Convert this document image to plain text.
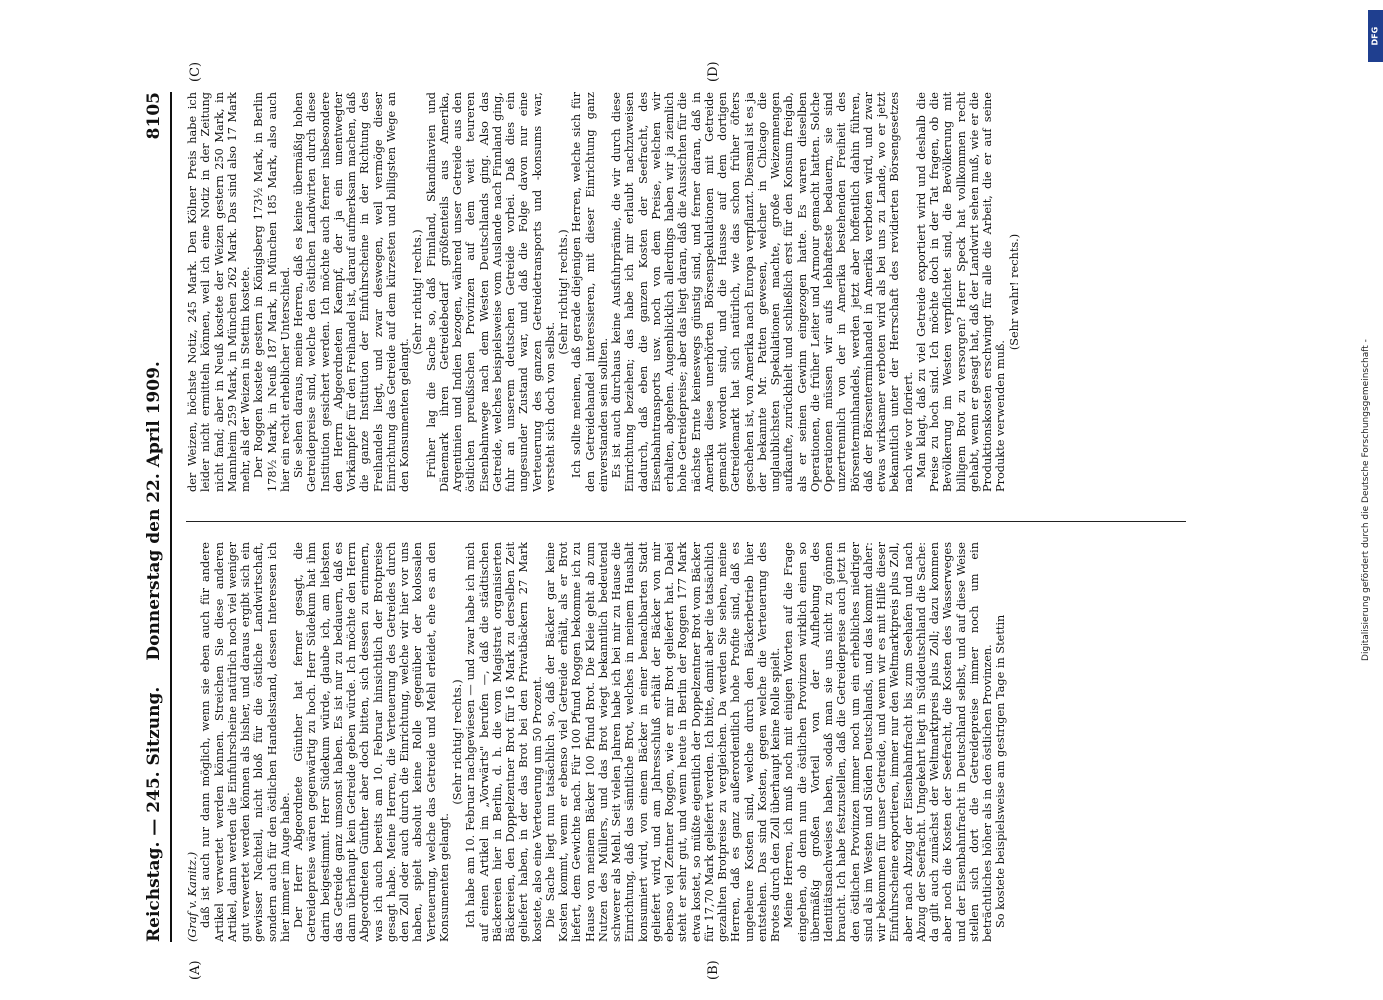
Reichstag. — 245. Sitzung.
Donnerstag den 22. April 1909.  8105
(A)	(B)
(C)	(D)

(Graf v. Kanitz.) daß ist auch nur dann möglich, wenn sie eben auch für andere Artikel verwertet werden können. Streichen Sie diese anderen Artikel, dann werden die Einfuhrscheine natürlich noch viel weniger gut verwertet werden können als bisher, und daraus ergibt sich ein gewisser Nachteil, nicht bloß für die östliche Landwirtschaft, sondern auch für den östlichen Handelsstand, dessen Interessen ich hier immer im Auge habe. Der Herr Abgeordnete Günther hat ferner gesagt, die Getreidepreise wären gegenwärtig zu hoch. Herr Südekum hat ihm darin beigestimmt. Herr Südekum würde, glaube ich, am liebsten das Getreide ganz umsonst haben. Es ist nur zu bedauern, daß es dann überhaupt kein Getreide geben würde. Ich möchte den Herrn Abgeordneten Günther aber doch bitten, sich dessen zu erinnern, was ich auch bereits am 10. Februar hinsichtlich der Brotpreise gesagt habe. Meine Herren, die Verteuerung des Getreides durch den Zoll oder auch durch die Einrichtung, welche wir hier vor uns haben, spielt absolut keine Rolle gegenüber der kolossalen Verteuerung, welche das Getreide und Mehl erleidet, ehe es an den Konsumenten gelangt.

(Sehr richtig! rechts.) Ich habe am 10. Februar nachgewiesen — und zwar habe ich mich auf einen Artikel im „Vorwärts" berufen —, daß die städtischen Bäckereien hier in Berlin, d. h. die vom Magistrat organisierten Bäckereien, den Doppelzentner Brot für 16 Mark zu derselben Zeit geliefert haben, in der das Brot bei den Privatbäckern 27 Mark kostete, also eine Verteuerung um 50 Prozent. Die Sache liegt nun tatsächlich so, daß der Bäcker gar keine Kosten kommt, wenn er ebenso viel Getreide erhält, als er Brot liefert, dem Gewichte nach. Für 100 Pfund Roggen bekomme ich zu Hause von meinem Bäcker 100 Pfund Brot. Die Kleie geht ab zum Nutzen des Müllers, und das Brot wiegt bekanntlich bedeutend schwerer als Mehl. Seit vielen Jahren habe ich bei mir zu Hause die Einrichtung, daß das sämtliche Brot, welches in meinem Haushalt konsumiert wird, von einem Bäcker in einer benachbarten Stadt geliefert wird, und am Jahresschluß erhält der Bäcker von mir ebenso viel Zentner Roggen, wie er mir Brot geliefert hat. Dabei steht er sehr gut, und wenn heute in Berlin der Roggen 177 Mark etwa kostet, so müßte eigentlich der Doppelzentner Brot vom Bäcker für 17,70 Mark geliefert werden. Ich bitte, damit aber die tatsächlich gezahlten Brotpreise zu vergleichen. Da werden Sie sehen, meine Herren, daß es ganz außerordentlich hohe Profite sind, daß es ungeheure Kosten sind, welche durch den Bäckerbetrieb hier entstehen. Das sind Kosten, gegen welche die Verteuerung des Brotes durch den Zoll überhaupt keine Rolle spielt. Meine Herren, ich muß noch mit einigen Worten auf die Frage eingehen, ob denn nun die östlichen Provinzen wirklich einen so übermäßig großen Vorteil von der Aufhebung des Identitätsnachweises haben, sodaß man sie uns nicht zu gönnen braucht. Ich habe festzustellen, daß die Getreidepreise auch jetzt in den östlichen Provinzen immer noch um ein erhebliches niedriger sind als im Westen und Süden Deutschlands, und das kommt daher: wir bekommen für unser Getreide, und wenn wir es mit Hilfe dieser Einfuhrscheine exportieren, immer nur den Weltmarktpreis plus Zoll, aber nach Abzug der Eisenbahnfracht bis zum Seehafen und nach Abzug der Seefracht. Umgekehrt liegt in Süddeutschland die Sache: da gilt auch zunächst der Weltmarktpreis plus Zoll; dazu kommen aber noch die Kosten der Seefracht, die Kosten des Wasserweges und der Eisenbahnfracht in Deutschland selbst, und auf diese Weise stellen sich dort die Getreidepreise immer noch um ein beträchtliches höher als in den östlichen Provinzen. So kostete beispielsweise am gestrigen Tage in Stettin

der Weizen, höchste Notiz, 245 Mark. Den Kölner Preis habe ich leider nicht ermitteln können, weil ich eine Notiz in der Zeitung nicht fand; aber in Neuß kostete der Weizen gestern 250 Mark, in Mannheim 259 Mark, in München 262 Mark. Das sind also 17 Mark mehr, als der Weizen in Stettin kostete. Der Roggen kostete gestern in Königsberg 173½ Mark, in Berlin 178½ Mark, in Neuß 187 Mark, in München 185 Mark, also auch hier ein recht erheblicher Unterschied. Sie sehen daraus, meine Herren, daß es keine übermäßig hohen Getreidepreise sind, welche den östlichen Landwirten durch diese Institution gesichert werden. Ich möchte auch ferner insbesondere den Herrn Abgeordneten Kaempf, der ja ein unentwegter Vorkämpfer für den Freihandel ist, darauf aufmerksam machen, daß die ganze Institution der Einfuhrscheine in der Richtung des Freihandels liegt, und zwar deswegen, weil vermöge dieser Einrichtung das Getreide auf dem kürzesten und billigsten Wege an den Konsumenten gelangt.

(Sehr richtig! rechts.) Früher lag die Sache so, daß Finnland, Skandinavien und Dänemark ihren Getreidebedarf größtenteils aus Amerika, Argentinien und Indien bezogen, während unser Getreide aus den östlichen preußischen Provinzen auf dem weit teureren Eisenbahnwege nach dem Westen Deutschlands ging. Also das Getreide, welches beispielsweise vom Auslande nach Finnland ging, fuhr an unserem deutschen Getreide vorbei. Daß dies ein ungesunder Zustand war, und daß die Folge davon nur eine Verteuerung des ganzen Getreidetransports und -konsums war, versteht sich doch von selbst.

(Sehr richtig! rechts.) Ich sollte meinen, daß gerade diejenigen Herren, welche sich für den Getreidehandel interessieren, mit dieser Einrichtung ganz einverstanden sein sollten. Es ist auch durchaus keine Ausfuhrprämie, die wir durch diese Einrichtung beziehen; das habe ich mir erlaubt nachzuweisen dadurch, daß eben die ganzen Kosten der Seefracht, des Eisenbahntransports usw. noch von dem Preise, welchen wir erhalten, abgehen. Augenblicklich allerdings haben wir ja ziemlich hohe Getreidepreise; aber das liegt daran, daß die Aussichten für die nächste Ernte keineswegs günstig sind, und ferner daran, daß in Amerika diese unerhörten Börsenspekulationen mit Getreide gemacht worden sind, und die Hausse auf dem dortigen Getreidemarkt hat sich natürlich, wie das schon früher öfters geschehen ist, von Amerika nach Europa verpflanzt. Diesmal ist es ja der bekannte Mr. Patten gewesen, welcher in Chicago die unglaublichsten Spekulationen machte, große Weizenmengen aufkaufte, zurückhielt und schließlich erst für den Konsum freigab, als er seinen Gewinn eingezogen hatte. Es waren dieselben Operationen, die früher Leiter und Armour gemacht hatten. Solche Operationen müssen wir aufs lebhafteste bedauern, sie sind unzertrennlich von der in Amerika bestehenden Freiheit des Börsenterminhandels, werden jetzt aber hoffentlich dahin führen, daß der Börsenterminhandel in Amerika verboten wird, und zwar etwas wirksamer verboten wird als bei uns zu Lande, wo er jetzt bekanntlich unter der Herrschaft des revidierten Börsengesetzes nach wie vor floriert. Man klagt, daß zu viel Getreide exportiert wird und deshalb die Preise zu hoch sind. Ich möchte doch in der Tat fragen, ob die Bevölkerung im Westen verpflichtet sind, die Bevölkerung mit billigem Brot zu versorgen? Herr Speck hat vollkommen recht gehabt, wenn er gesagt hat, daß der Landwirt sehen muß, wie er die Produktionskosten erschwingt für alle die Arbeit, die er auf seine Produkte verwenden muß.

(Sehr wahr! rechts.)

Digitalisierung gefördert durch die Deutsche Forschungsgemeinschaft -
DFG
